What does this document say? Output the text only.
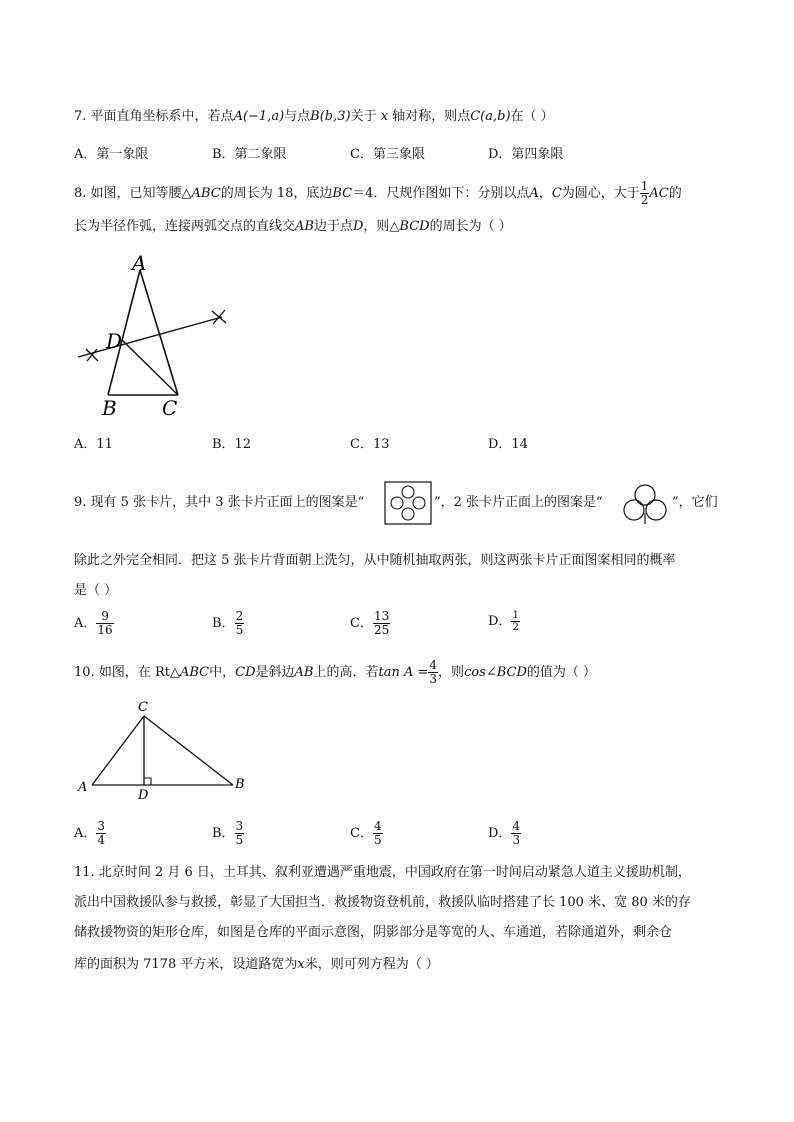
7. 平面直角坐标系中，若点A(−1,a)与点B(b,3)关于 x 轴对称，则点C(a,b)在（ ）
A．第一象限	B．第二象限	C．第三象限	D．第四象限
8. 如图，已知等腰△ABC的周长为 18，底边BC＝4．尺规作图如下：分别以点A，C为圆心，大于 $\frac{1}{2}$ AC的
长为半径作弧，连接两弧交点的直线交AB边于点D，则△BCD的周长为（ ）
A
D
B C
A．11	B．12	C．13	D．14
9. 现有 5 张卡片，其中 3 张卡片正面上的图案是“	”，2 张卡片正面上的图案是“	”，它们
除此之外完全相同．把这 5 张卡片背面朝上洗匀，从中随机抽取两张，则这两张卡片正面图案相同的概率
是（ ）
A． $\frac{9}{16}$	B． $\frac{2}{5}$	C． $\frac{13}{25}$	D． $\frac{1}{2}$
10. 如图，在 Rt△ABC中，CD是斜边AB上的高．若$\tan A = \frac{4}{3}$ ，则cos∠BCD的值为（ ）
C
A	B
D
A． $\frac{3}{4}$	B． $\frac{3}{5}$	C． $\frac{4}{5}$	D． $\frac{4}{3}$
11. 北京时间 2 月 6 日，土耳其、叙利亚遭遇严重地震，中国政府在第一时间启动紧急人道主义援助机制，
派出中国救援队参与救援，彰显了大国担当．救援物资登机前，救援队临时搭建了长 100 米、宽 80 米的存
储救援物资的矩形仓库，如图是仓库的平面示意图，阴影部分是等宽的人、车通道，若除通道外，剩余仓
库的面积为 7178 平方米，设道路宽为x米，则可列方程为（ ）
